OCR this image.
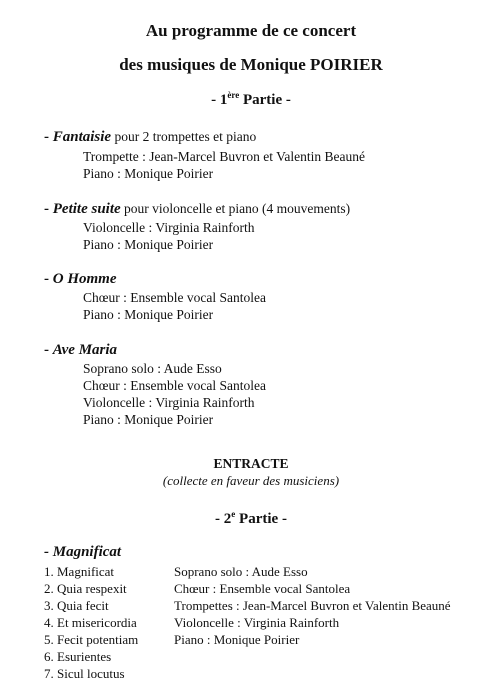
Au programme de ce concert
des musiques de Monique POIRIER
- 1ère Partie -
- Fantaisie pour 2 trompettes et piano
Trompette : Jean-Marcel Buvron et Valentin Beauné
Piano : Monique Poirier
- Petite suite pour violoncelle et piano (4 mouvements)
Violoncelle : Virginia Rainforth
Piano : Monique Poirier
- O Homme
Chœur : Ensemble vocal Santolea
Piano : Monique Poirier
- Ave Maria
Soprano solo : Aude Esso
Chœur : Ensemble vocal Santolea
Violoncelle : Virginia Rainforth
Piano : Monique Poirier
ENTRACTE
(collecte en faveur des musiciens)
- 2e Partie -
- Magnificat
1. Magnificat
2. Quia respexit
3. Quia fecit
4. Et misericordia
5. Fecit potentiam
6. Esurientes
7. Sicul locutus
Soprano solo : Aude Esso
Chœur : Ensemble vocal Santolea
Trompettes : Jean-Marcel Buvron et Valentin Beauné
Violoncelle : Virginia Rainforth
Piano : Monique Poirier
